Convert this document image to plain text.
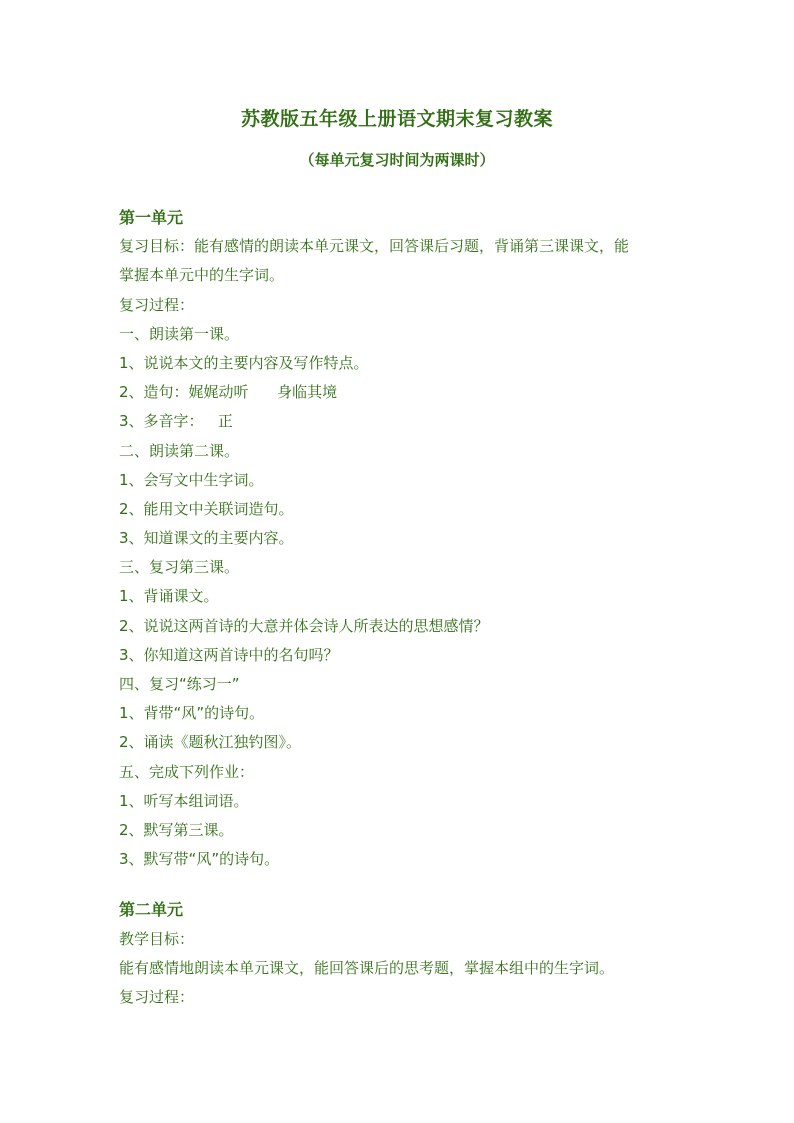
苏教版五年级上册语文期末复习教案
（每单元复习时间为两课时）
第一单元
复习目标：能有感情的朗读本单元课文，回答课后习题，背诵第三课课文，能
掌握本单元中的生字词。
复习过程：
一、朗读第一课。
1、说说本文的主要内容及写作特点。
2、造句：娓娓动听      身临其境
3、多音字：   正
二、朗读第二课。
1、会写文中生字词。
2、能用文中关联词造句。
3、知道课文的主要内容。
三、复习第三课。
1、背诵课文。
2、说说这两首诗的大意并体会诗人所表达的思想感情？
3、你知道这两首诗中的名句吗？
四、复习“练习一”
1、背带“风”的诗句。
2、诵读《题秋江独钓图》。
五、完成下列作业：
1、听写本组词语。
2、默写第三课。
3、默写带“风”的诗句。
第二单元
教学目标：
能有感情地朗读本单元课文，能回答课后的思考题，掌握本组中的生字词。
复习过程：
